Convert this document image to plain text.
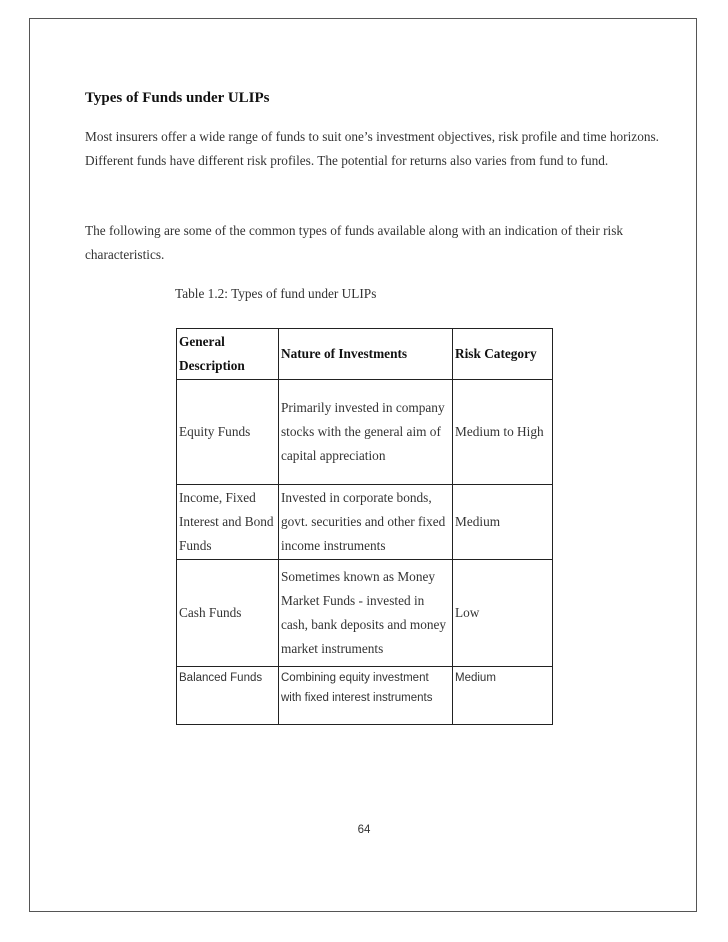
Types of Funds under ULIPs

Most insurers offer a wide range of funds to suit one’s investment objectives, risk profile and time horizons. Different funds have different risk profiles. The potential for returns also varies from fund to fund.

The following are some of the common types of funds available along with an indication of their risk characteristics.

Table 1.2: Types of fund under ULIPs
General Description	Nature of Investments	Risk Category
Equity Funds	Primarily invested in company stocks with the general aim of capital appreciation	Medium to High
Income, Fixed Interest and Bond Funds	Invested in corporate bonds, govt. securities and other fixed income instruments	Medium
Cash Funds	Sometimes known as Money Market Funds - invested in cash, bank deposits and money market instruments	Low
Balanced Funds	Combining equity investment with fixed interest instruments	Medium
64
